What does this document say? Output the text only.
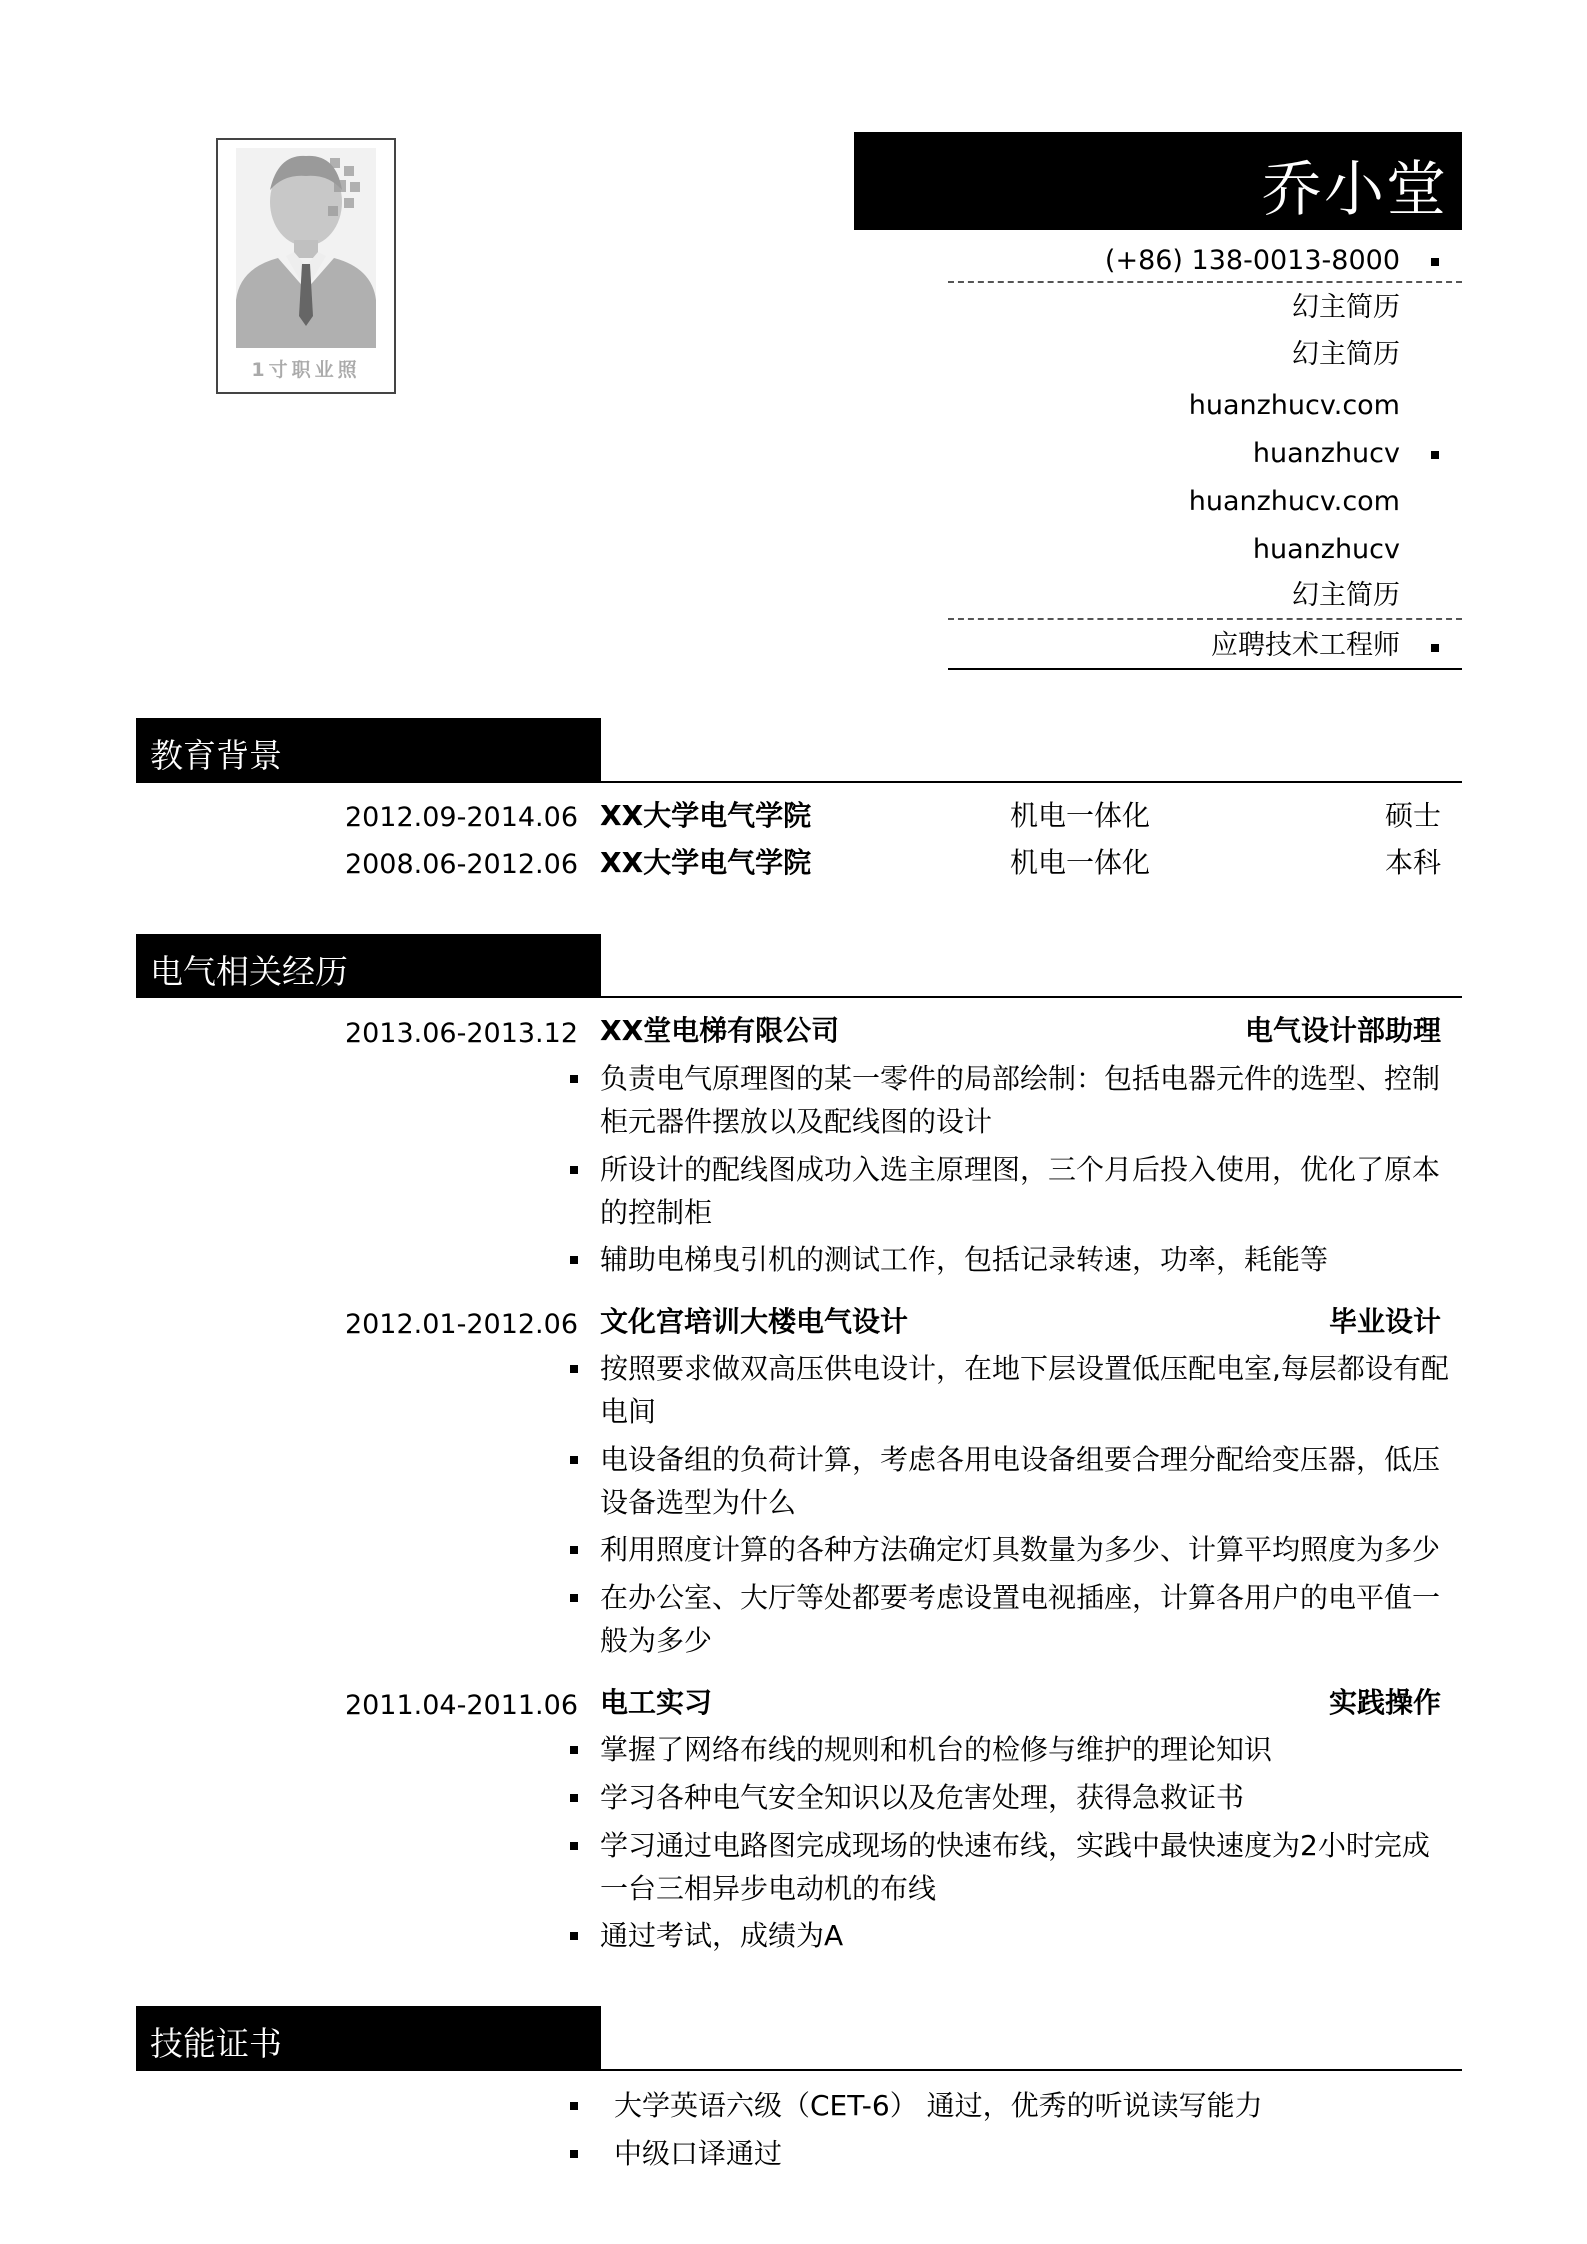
1寸职业照
乔小堂
(+86) 138-0013-8000
幻主简历
幻主简历
huanzhucv.com
huanzhucv
huanzhucv.com
huanzhucv
幻主简历
应聘技术工程师
教育背景
2012.09-2014.06 XX大学电气学院	机电一体化	硕士
2008.06-2012.06 XX大学电气学院	机电一体化	本科
电气相关经历
2013.06-2013.12 XX堂电梯有限公司	电气设计部助理
负责电气原理图的某一零件的局部绘制：包括电器元件的选型、控制柜元器件摆放以及配线图的设计
所设计的配线图成功入选主原理图，三个月后投入使用，优化了原本的控制柜
辅助电梯曳引机的测试工作，包括记录转速，功率，耗能等
2012.01-2012.06 文化宫培训大楼电气设计	毕业设计
按照要求做双高压供电设计，在地下层设置低压配电室,每层都设有配电间
电设备组的负荷计算，考虑各用电设备组要合理分配给变压器，低压设备选型为什么
利用照度计算的各种方法确定灯具数量为多少、计算平均照度为多少
在办公室、大厅等处都要考虑设置电视插座，计算各用户的电平值一般为多少
2011.04-2011.06 电工实习	实践操作
掌握了网络布线的规则和机台的检修与维护的理论知识
学习各种电气安全知识以及危害处理，获得急救证书
学习通过电路图完成现场的快速布线，实践中最快速度为2小时完成一台三相异步电动机的布线
通过考试，成绩为A
技能证书
大学英语六级（CET-6） 通过，优秀的听说读写能力
中级口译通过
